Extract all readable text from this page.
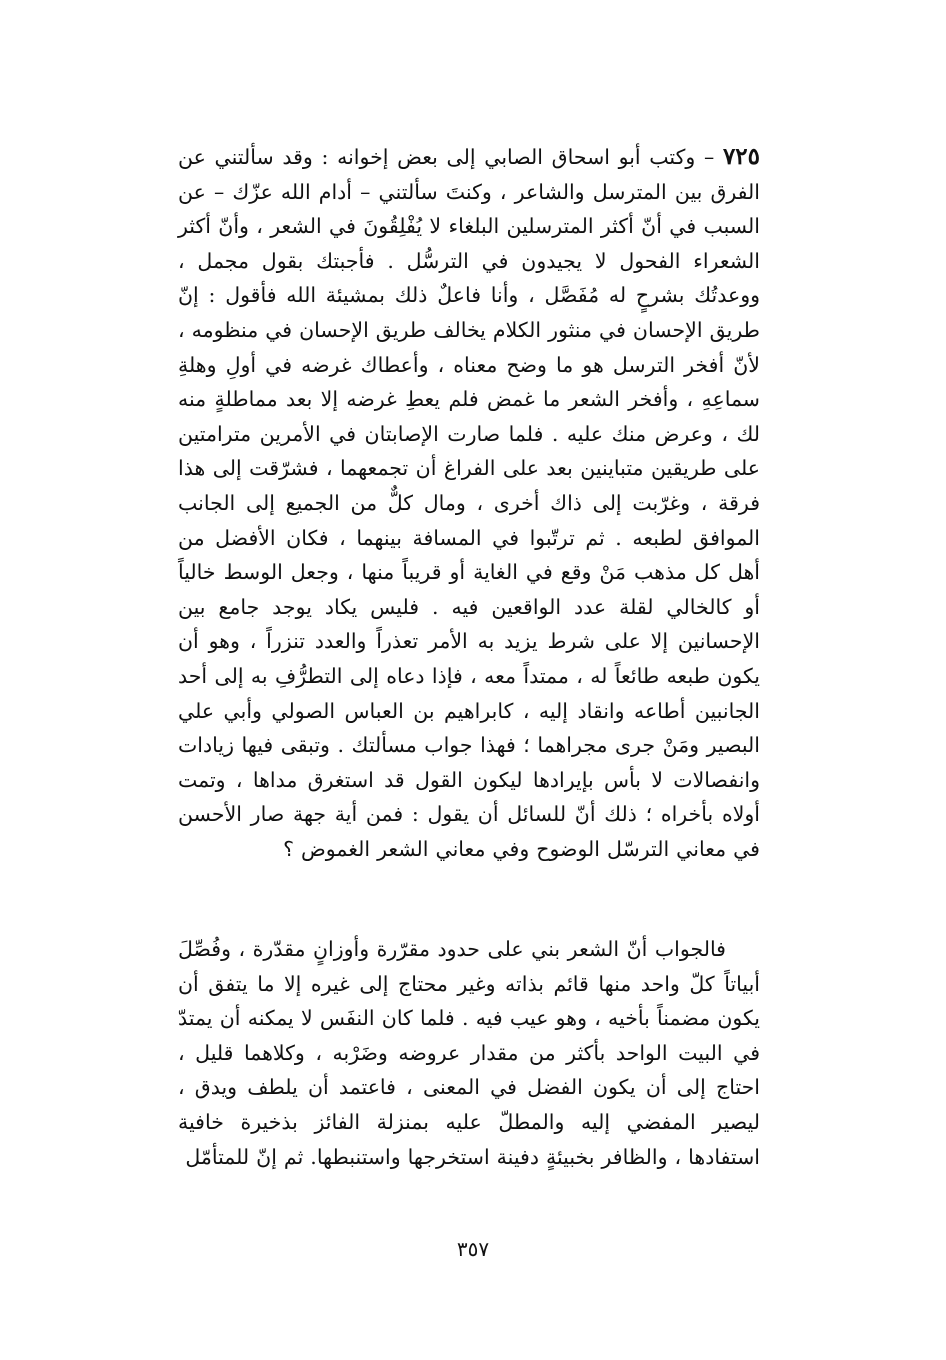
٧٢٥ – وكتب أبو اسحاق الصابي إلى بعض إخوانه : وقد سألتني عن الفرق بين المترسل والشاعر ، وكنتَ سألتني – أدام الله عزّك – عن السبب في أنّ أكثر المترسلين البلغاء لا يُفْلِقُونَ في الشعر ، وأنّ أكثر الشعراء الفحول لا يجيدون في الترسُّل . فأجبتك بقول مجمل ، ووعدتُك بشرحٍ له مُفَصَّل ، وأنا فاعلٌ ذلك بمشيئة الله فأقول : إنّ طريق الإحسان في منثور الكلام يخالف طريق الإحسان في منظومه ، لأنّ أفخر الترسل هو ما وضح معناه ، وأعطاك غرضه في أولِ وهلةِ سماعِهِ ، وأفخر الشعر ما غمض فلم يعطِ غرضه إلا بعد مماطلةٍ منه لك ، وعرض منك عليه . فلما صارت الإصابتان في الأمرين مترامتين على طريقين متباينين بعد على الفراغ أن تجمعهما ، فشرّقت إلى هذا فرقة ، وغرّبت إلى ذاك أخرى ، ومال كلٌّ من الجميع إلى الجانب الموافق لطبعه . ثم ترتّبوا في المسافة بينهما ، فكان الأفضل من أهل كل مذهب مَنْ وقع في الغاية أو قريباً منها ، وجعل الوسط خالياً أو كالخالي لقلة عدد الواقعين فيه . فليس يكاد يوجد جامع بين الإحسانين إلا على شرط يزيد به الأمر تعذراً والعدد تنزراً ، وهو أن يكون طبعه طائعاً له ، ممتداً معه ، فإذا دعاه إلى التطرُّفِ به إلى أحد الجانبين أطاعه وانقاد إليه ، كابراهيم بن العباس الصولي وأبي علي البصير ومَنْ جرى مجراهما ؛ فهذا جواب مسألتك . وتبقى فيها زيادات وانفصالات لا بأس بإيرادها ليكون القول قد استغرق مداها ، وتمت أولاه بأخراه ؛ ذلك أنّ للسائل أن يقول : فمن أية جهة صار الأحسن في معاني الترسّل الوضوح وفي معاني الشعر الغموض ؟
فالجواب أنّ الشعر بني على حدود مقرّرة وأوزانٍ مقدّرة ، وفُصِّلَ أبياتاً كلّ واحد منها قائم بذاته وغير محتاج إلى غيره إلا ما يتفق أن يكون مضمناً بأخيه ، وهو عيب فيه . فلما كان النفَس لا يمكنه أن يمتدّ في البيت الواحد بأكثر من مقدار عروضه وضَرْبه ، وكلاهما قليل ، احتاج إلى أن يكون الفضل في المعنى ، فاعتمد أن يلطف ويدق ، ليصير المفضي إليه والمطلّ عليه بمنزلة الفائز بذخيرة خافية استفادها ، والظافر بخبيئةٍ دفينة استخرجها واستنبطها. ثم إنّ للمتأمّل
٣٥٧
